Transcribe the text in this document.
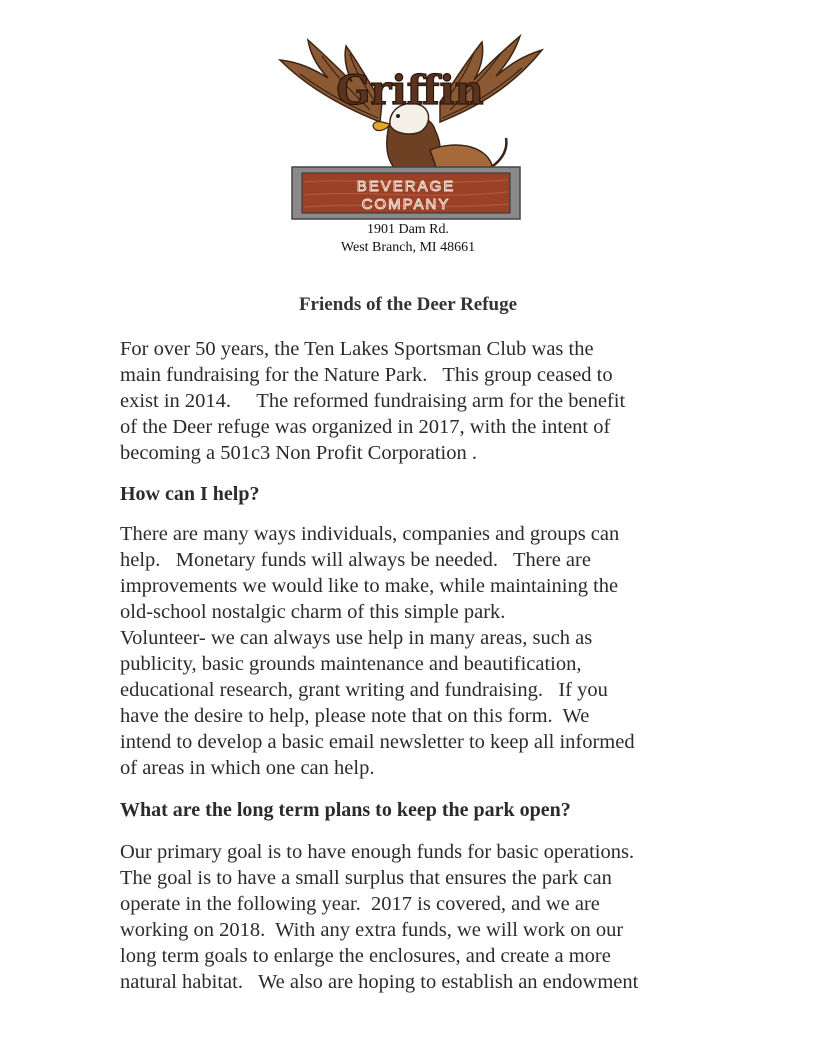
Griffin
BEVERAGE
COMPANY
1901 Dam Rd.
West Branch, MI 48661
Friends of the Deer Refuge

For over 50 years, the Ten Lakes Sportsman Club was the
main fundraising for the Nature Park.   This group ceased to
exist in 2014.     The reformed fundraising arm for the benefit
of the Deer refuge was organized in 2017, with the intent of
becoming a 501c3 Non Profit Corporation .

How can I help?

There are many ways individuals, companies and groups can
help.   Monetary funds will always be needed.   There are
improvements we would like to make, while maintaining the
old-school nostalgic charm of this simple park.
Volunteer- we can always use help in many areas, such as
publicity, basic grounds maintenance and beautification,
educational research, grant writing and fundraising.   If you
have the desire to help, please note that on this form.  We
intend to develop a basic email newsletter to keep all informed
of areas in which one can help.

What are the long term plans to keep the park open?

Our primary goal is to have enough funds for basic operations.
The goal is to have a small surplus that ensures the park can
operate in the following year.  2017 is covered, and we are
working on 2018.  With any extra funds, we will work on our
long term goals to enlarge the enclosures, and create a more
natural habitat.   We also are hoping to establish an endowment
